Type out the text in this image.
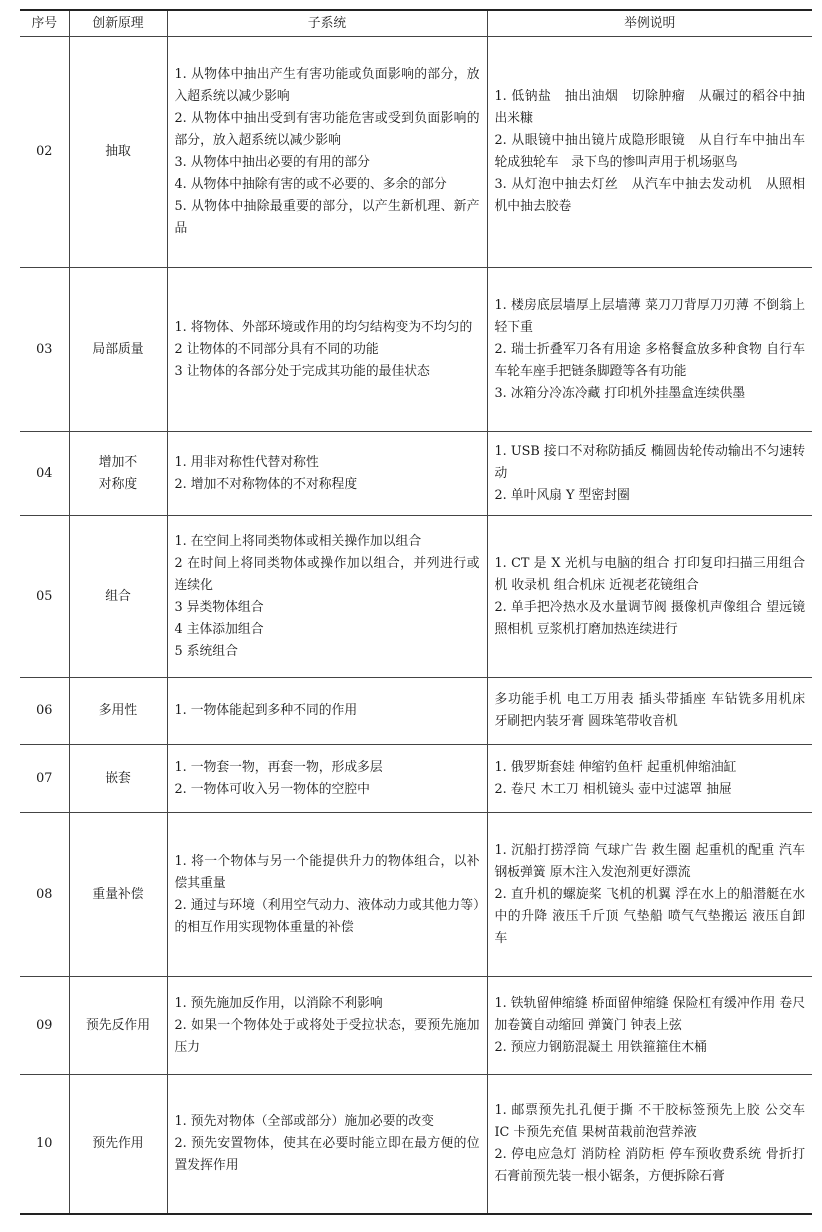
序号	创新原理	子系统	举例说明
02	抽取	1. 从物体中抽出产生有害功能或负面影响的部分，放入超系统以减少影响
2. 从物体中抽出受到有害功能危害或受到负面影响的部分，放入超系统以减少影响
3. 从物体中抽出必要的有用的部分
4. 从物体中抽除有害的或不必要的、多余的部分
5. 从物体中抽除最重要的部分，以产生新机理、新产品	1. 低钠盐　抽出油烟　切除肿瘤　从碾过的稻谷中抽出米糠
2. 从眼镜中抽出镜片成隐形眼镜　从自行车中抽出车轮成独轮车　录下鸟的惨叫声用于机场驱鸟
3. 从灯泡中抽去灯丝　从汽车中抽去发动机　从照相机中抽去胶卷

03	局部质量	1. 将物体、外部环境或作用的均匀结构变为不均匀的
2 让物体的不同部分具有不同的功能
3 让物体的各部分处于完成其功能的最佳状态	1. 楼房底层墙厚上层墙薄 菜刀刀背厚刀刃薄 不倒翁上轻下重
2. 瑞士折叠军刀各有用途 多格餐盒放多种食物 自行车车轮车座手把链条脚蹬等各有功能
3. 冰箱分冷冻冷藏 打印机外挂墨盒连续供墨

04	增加不
对称度	1. 用非对称性代替对称性
2. 增加不对称物体的不对称程度	1. USB 接口不对称防插反 椭圆齿轮传动输出不匀速转动
2. 单叶风扇 Y 型密封圈

05	组合	1. 在空间上将同类物体或相关操作加以组合
2 在时间上将同类物体或操作加以组合，并列进行或连续化
3 异类物体组合
4 主体添加组合
5 系统组合	1. CT 是 X 光机与电脑的组合 打印复印扫描三用组合机 收录机 组合机床 近视老花镜组合
2. 单手把冷热水及水量调节阀 摄像机声像组合 望远镜照相机 豆浆机打磨加热连续进行

06	多用性	1. 一物体能起到多种不同的作用	多功能手机 电工万用表 插头带插座 车钻铣多用机床 牙刷把内装牙膏 圆珠笔带收音机

07	嵌套	1. 一物套一物，再套一物，形成多层
2. 一物体可收入另一物体的空腔中	1. 俄罗斯套娃 伸缩钓鱼杆 起重机伸缩油缸
2. 卷尺 木工刀 相机镜头 壶中过滤罩 抽屉

08	重量补偿	1. 将一个物体与另一个能提供升力的物体组合，以补偿其重量
2. 通过与环境（利用空气动力、液体动力或其他力等）的相互作用实现物体重量的补偿	1. 沉船打捞浮筒 气球广告 救生圈 起重机的配重 汽车钢板弹簧 原木注入发泡剂更好漂流
2. 直升机的螺旋桨 飞机的机翼 浮在水上的船潜艇在水中的升降 液压千斤顶 气垫船 喷气气垫搬运 液压自卸车

09	预先反作用	1. 预先施加反作用，以消除不利影响
2. 如果一个物体处于或将处于受拉状态，要预先施加压力	1. 铁轨留伸缩缝 桥面留伸缩缝 保险杠有缓冲作用 卷尺加卷簧自动缩回 弹簧门 钟表上弦
2. 预应力钢筋混凝土 用铁箍箍住木桶

10	预先作用	1. 预先对物体（全部或部分）施加必要的改变
2. 预先安置物体，使其在必要时能立即在最方便的位置发挥作用	1. 邮票预先扎孔便于撕 不干胶标签预先上胶 公交车 IC 卡预先充值 果树苗栽前泡营养液
2. 停电应急灯 消防栓 消防柜 停车预收费系统 骨折打石膏前预先装一根小锯条，方便拆除石膏
